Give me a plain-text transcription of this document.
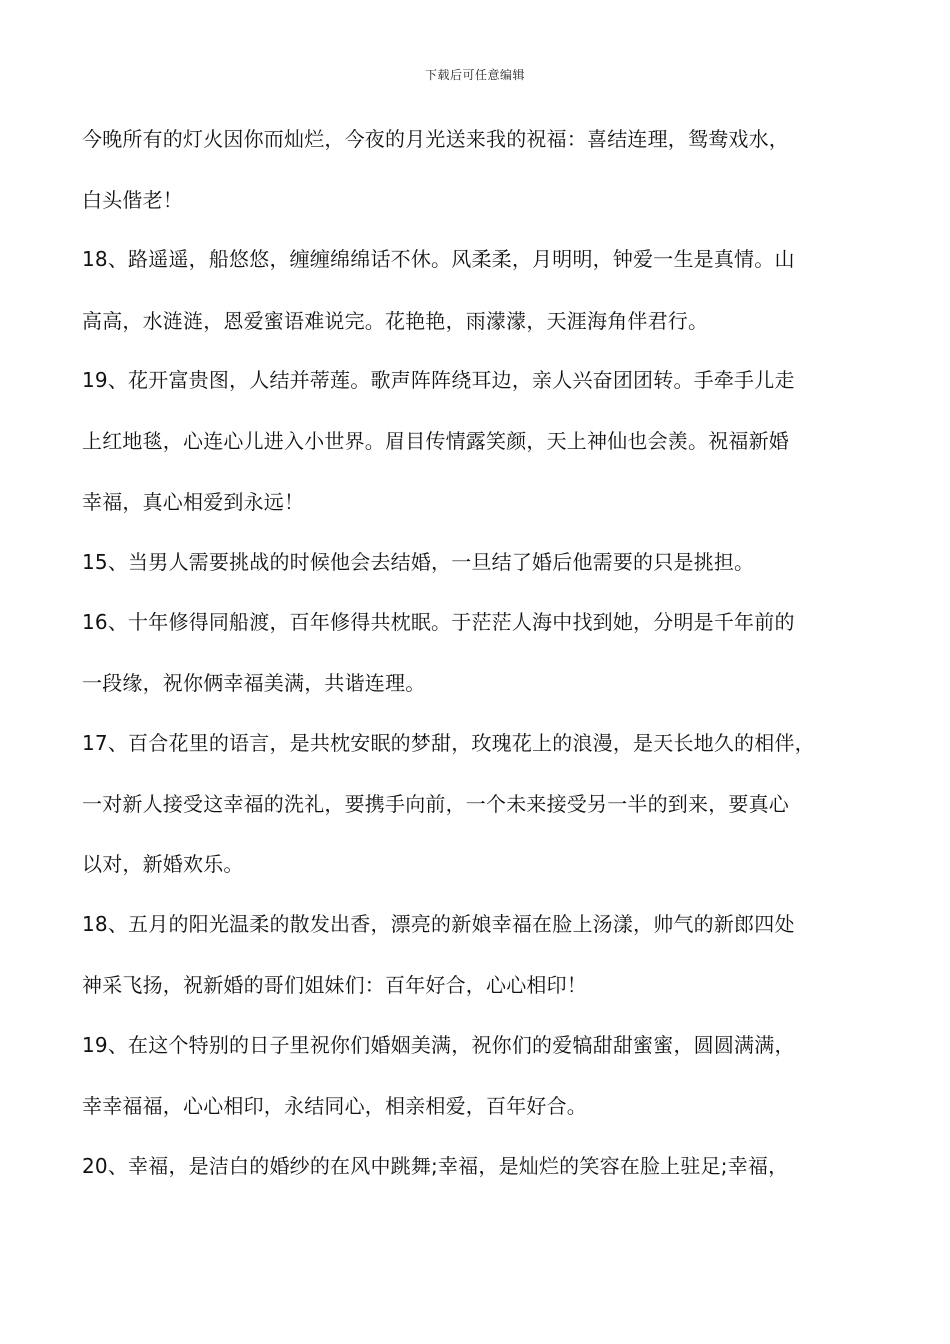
下载后可任意编辑
今晚所有的灯火因你而灿烂，今夜的月光送来我的祝福：喜结连理，鸳鸯戏水，
白头偕老！
18、路遥遥，船悠悠，缠缠绵绵话不休。风柔柔，月明明，钟爱一生是真情。山
高高，水涟涟，恩爱蜜语难说完。花艳艳，雨濛濛，天涯海角伴君行。
19、花开富贵图，人结并蒂莲。歌声阵阵绕耳边，亲人兴奋团团转。手牵手儿走
上红地毯，心连心儿进入小世界。眉目传情露笑颜，天上神仙也会羡。祝福新婚
幸福，真心相爱到永远！
15、当男人需要挑战的时候他会去结婚，一旦结了婚后他需要的只是挑担。
16、十年修得同船渡，百年修得共枕眠。于茫茫人海中找到她，分明是千年前的
一段缘，祝你俩幸福美满，共谐连理。
17、百合花里的语言，是共枕安眠的梦甜，玫瑰花上的浪漫，是天长地久的相伴，
一对新人接受这幸福的洗礼，要携手向前，一个未来接受另一半的到来，要真心
以对，新婚欢乐。
18、五月的阳光温柔的散发出香，漂亮的新娘幸福在脸上汤漾，帅气的新郎四处
神采飞扬，祝新婚的哥们姐妹们：百年好合，心心相印！
19、在这个特别的日子里祝你们婚姻美满，祝你们的爱犒甜甜蜜蜜，圆圆满满，
幸幸福福，心心相印，永结同心，相亲相爱，百年好合。
20、幸福，是洁白的婚纱的在风中跳舞;幸福，是灿烂的笑容在脸上驻足;幸福，
